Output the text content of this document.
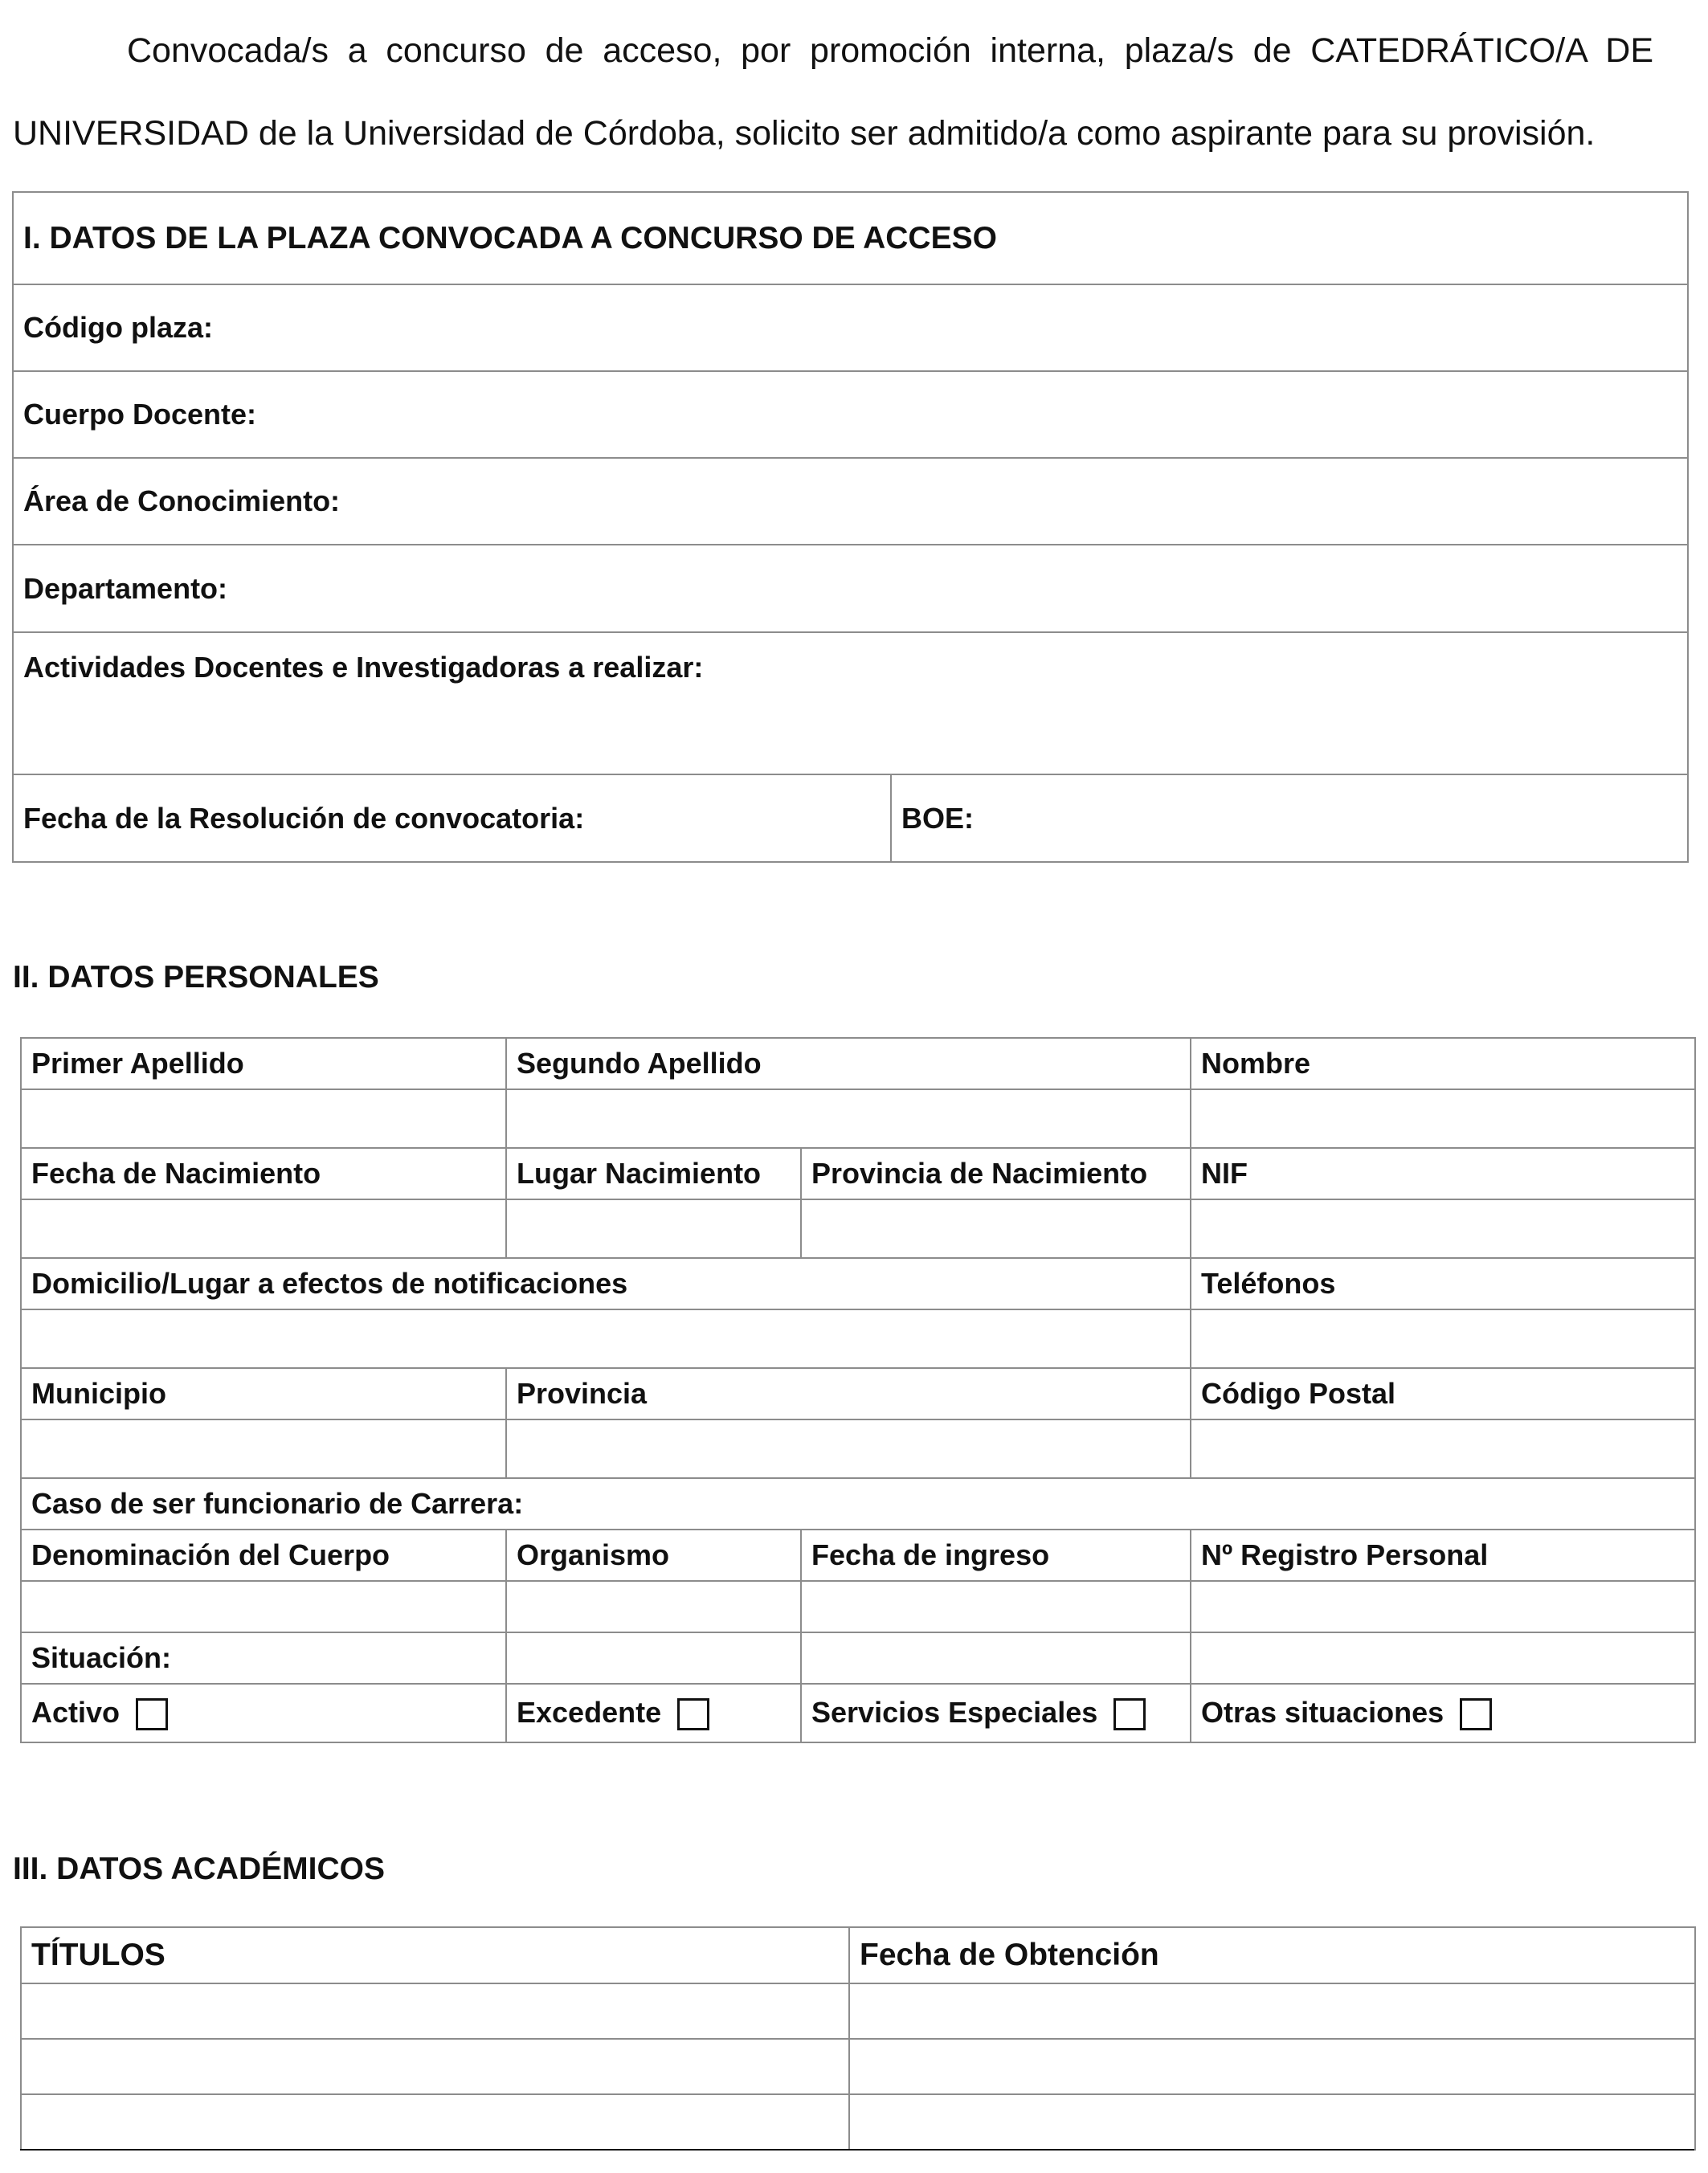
Convocada/s a concurso de acceso, por promoción interna, plaza/s de CATEDRÁTICO/A DE
UNIVERSIDAD de la Universidad de Córdoba, solicito ser admitido/a como aspirante para su provisión.
I. DATOS DE LA PLAZA CONVOCADA A CONCURSO DE ACCESO
Código plaza:
Cuerpo Docente:
Área de Conocimiento:
Departamento:
Actividades Docentes e Investigadoras a realizar:
Fecha de la Resolución de convocatoria:	BOE:
II. DATOS PERSONALES
Primer Apellido	Segundo Apellido		Nombre

Fecha de Nacimiento	Lugar Nacimiento	Provincia de Nacimiento	NIF

Domicilio/Lugar a efectos de notificaciones			Teléfonos

Municipio	Provincia		Código Postal

Caso de ser funcionario de Carrera:			
Denominación del Cuerpo	Organismo	Fecha de ingreso	Nº Registro Personal

Situación:			
Activo	Excedente	Servicios Especiales	Otras situaciones
III. DATOS ACADÉMICOS
TÍTULOS	Fecha de Obtención
